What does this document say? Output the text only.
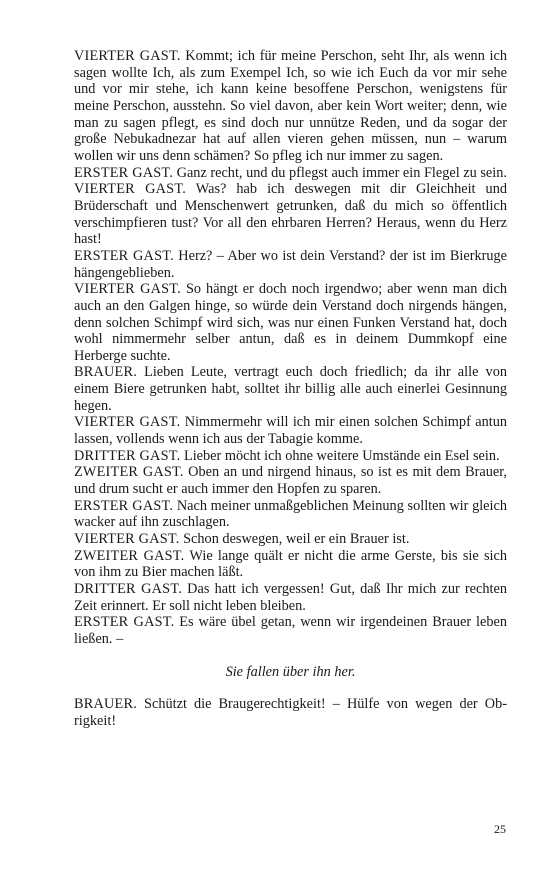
VIERTER GAST. Kommt; ich für meine Perschon, seht Ihr, als wenn ich sagen wollte Ich, als zum Exempel Ich, so wie ich Euch da vor mir sehe und vor mir stehe, ich kann keine besoffene Perschon, wenigstens für meine Perschon, ausstehn. So viel davon, aber kein Wort weiter; denn, wie man zu sagen pflegt, es sind doch nur unnütze Reden, und da sogar der große Nebukadnezar hat auf allen vieren gehen müssen, nun – warum wollen wir uns denn schämen? So pfleg ich nur immer zu sagen.

ERSTER GAST. Ganz recht, und du pflegst auch immer ein Flegel zu sein.

VIERTER GAST. Was? hab ich deswegen mit dir Gleichheit und Brüderschaft und Menschenwert getrunken, daß du mich so öffentlich verschimpfieren tust? Vor all den ehrbaren Herren? Heraus, wenn du Herz hast!

ERSTER GAST. Herz? – Aber wo ist dein Verstand? der ist im Bierkruge hängengeblieben.

VIERTER GAST. So hängt er doch noch irgendwo; aber wenn man dich auch an den Galgen hinge, so würde dein Verstand doch nirgends hängen, denn solchen Schimpf wird sich, was nur einen Funken Verstand hat, doch wohl nimmermehr selber antun, daß es in deinem Dummkopf eine Herberge suchte.

BRAUER. Lieben Leute, vertragt euch doch friedlich; da ihr alle von einem Biere getrunken habt, solltet ihr billig alle auch einerlei Gesinnung hegen.

VIERTER GAST. Nimmermehr will ich mir einen solchen Schimpf antun lassen, vollends wenn ich aus der Tabagie komme.

DRITTER GAST. Lieber möcht ich ohne weitere Umstände ein Esel sein.

ZWEITER GAST. Oben an und nirgend hinaus, so ist es mit dem Brauer, und drum sucht er auch immer den Hopfen zu sparen.

ERSTER GAST. Nach meiner unmaßgeblichen Meinung sollten wir gleich wacker auf ihn zuschlagen.

VIERTER GAST. Schon deswegen, weil er ein Brauer ist.

ZWEITER GAST. Wie lange quält er nicht die arme Gerste, bis sie sich von ihm zu Bier machen läßt.

DRITTER GAST. Das hatt ich vergessen! Gut, daß Ihr mich zur rechten Zeit erinnert. Er soll nicht leben bleiben.

ERSTER GAST. Es wäre übel getan, wenn wir irgendeinen Brauer leben ließen. –

Sie fallen über ihn her.

BRAUER. Schützt die Braugerechtigkeit! – Hülfe von wegen der Obrigkeit!

25
